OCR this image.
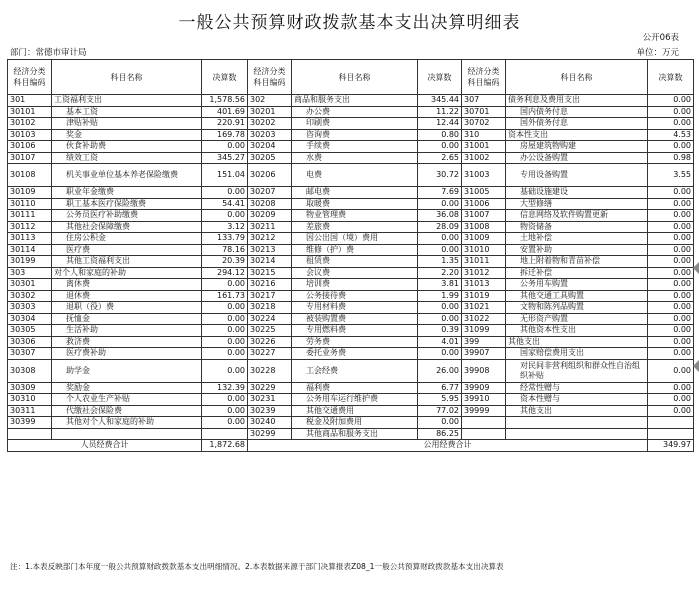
一般公共预算财政拨款基本支出决算明细表
公开06表
部门：常德市审计局	单位：万元
经济分类科目编码	科目名称	决算数	经济分类科目编码	科目名称	决算数	经济分类科目编码	科目名称	决算数
301	工资福利支出	1,578.56	302	商品和服务支出	345.44	307	债务利息及费用支出	0.00
30101	基本工资	401.69	30201	办公费	11.22	30701	国内债务付息	0.00
30102	津贴补贴	220.91	30202	印刷费	12.44	30702	国外债务付息	0.00
30103	奖金	169.78	30203	咨询费	0.80	310	资本性支出	4.53
30106	伙食补助费	0.00	30204	手续费	0.00	31001	房屋建筑物购建	0.00
30107	绩效工资	345.27	30205	水费	2.65	31002	办公设备购置	0.98
30108	机关事业单位基本养老保险缴费	151.04	30206	电费	30.72	31003	专用设备购置	3.55
30109	职业年金缴费	0.00	30207	邮电费	7.69	31005	基础设施建设	0.00
30110	职工基本医疗保险缴费	54.41	30208	取暖费	0.00	31006	大型修缮	0.00
30111	公务员医疗补助缴费	0.00	30209	物业管理费	36.08	31007	信息网络及软件购置更新	0.00
30112	其他社会保障缴费	3.12	30211	差旅费	28.09	31008	物资储备	0.00
30113	住房公积金	133.79	30212	因公出国（境）费用	0.00	31009	土地补偿	0.00
30114	医疗费	78.16	30213	维修（护）费	0.00	31010	安置补助	0.00
30199	其他工资福利支出	20.39	30214	租赁费	1.35	31011	地上附着物和青苗补偿	0.00
303	对个人和家庭的补助	294.12	30215	会议费	2.20	31012	拆迁补偿	0.00
30301	离休费	0.00	30216	培训费	3.81	31013	公务用车购置	0.00
30302	退休费	161.73	30217	公务接待费	1.99	31019	其他交通工具购置	0.00
30303	退职（役）费	0.00	30218	专用材料费	0.00	31021	文物和陈列品购置	0.00
30304	抚恤金	0.00	30224	被装购置费	0.00	31022	无形资产购置	0.00
30305	生活补助	0.00	30225	专用燃料费	0.39	31099	其他资本性支出	0.00
30306	救济费	0.00	30226	劳务费	4.01	399	其他支出	0.00
30307	医疗费补助	0.00	30227	委托业务费	0.00	39907	国家赔偿费用支出	0.00
30308	助学金	0.00	30228	工会经费	26.00	39908	对民间非营利组织和群众性自治组织补贴	0.00
30309	奖励金	132.39	30229	福利费	6.77	39909	经常性赠与	0.00
30310	个人农业生产补贴	0.00	30231	公务用车运行维护费	5.95	39910	资本性赠与	0.00
30311	代缴社会保险费	0.00	30239	其他交通费用	77.02	39999	其他支出	0.00
30399	其他对个人和家庭的补助	0.00	30240	税金及附加费用	0.00			
			30299	其他商品和服务支出	86.25			
人员经费合计		1,872.68	公用经费合计					349.97
注：1.本表反映部门本年度一般公共预算财政拨款基本支出明细情况。2.本表数据来源于部门决算报表Z08_1一般公共预算财政拨款基本支出决算表
